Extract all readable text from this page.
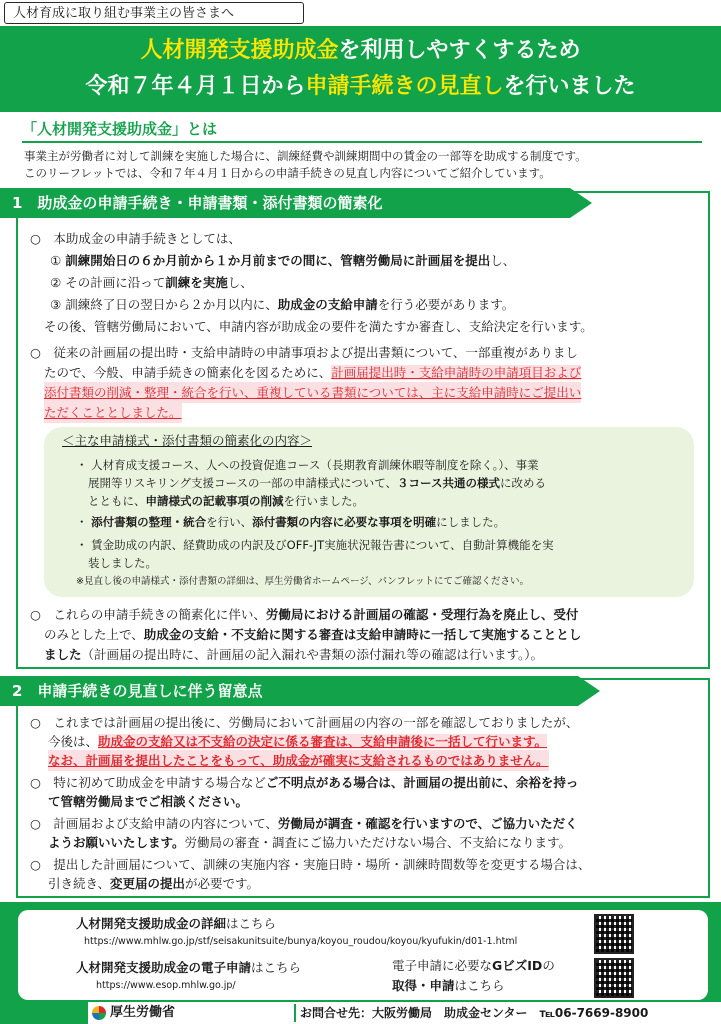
人材育成に取り組む事業主の皆さまへ
人材開発支援助成金を利用しやすくするため
令和７年４月１日から申請手続きの見直しを行いました
「人材開発支援助成金」とは
事業主が労働者に対して訓練を実施した場合に、訓練経費や訓練期間中の賃金の一部等を助成する制度です。
このリーフレットでは、令和７年４月１日からの申請手続きの見直し内容についてご紹介しています。
1　助成金の申請手続き・申請書類・添付書類の簡素化
○　本助成金の申請手続きとしては、
① 訓練開始日の６か月前から１か月前までの間に、管轄労働局に計画届を提出し、
② その計画に沿って訓練を実施し、
③ 訓練終了日の翌日から２か月以内に、助成金の支給申請を行う必要があります。
その後、管轄労働局において、申請内容が助成金の要件を満たすか審査し、支給決定を行います。
○　従来の計画届の提出時・支給申請時の申請事項および提出書類について、一部重複がありまし
たので、今般、申請手続きの簡素化を図るために、計画届提出時・支給申請時の申請項目および
添付書類の削減・整理・統合を行い、重複している書類については、主に支給申請時にご提出い
ただくこととしました。
＜主な申請様式・添付書類の簡素化の内容＞
・ 人材育成支援コース、人への投資促進コース（長期教育訓練休暇等制度を除く。）、事業
展開等リスキリング支援コースの一部の申請様式について、３コース共通の様式に改める
とともに、申請様式の記載事項の削減を行いました。
・ 添付書類の整理・統合を行い、添付書類の内容に必要な事項を明確にしました。
・ 賃金助成の内訳、経費助成の内訳及びOFF-JT実施状況報告書について、自動計算機能を実
装しました。
※見直し後の申請様式・添付書類の詳細は、厚生労働省ホームページ、パンフレットにてご確認ください。
○　これらの申請手続きの簡素化に伴い、労働局における計画届の確認・受理行為を廃止し、受付
のみとした上で、助成金の支給・不支給に関する審査は支給申請時に一括して実施することとし
ました（計画届の提出時に、計画届の記入漏れや書類の添付漏れ等の確認は行います。）。
2　申請手続きの見直しに伴う留意点
○　これまでは計画届の提出後に、労働局において計画届の内容の一部を確認しておりましたが、
今後は、助成金の支給又は不支給の決定に係る審査は、支給申請後に一括して行います。
なお、計画届を提出したことをもって、助成金が確実に支給されるものではありません。
○　特に初めて助成金を申請する場合などご不明点がある場合は、計画届の提出前に、余裕を持っ
て管轄労働局までご相談ください。
○　計画届および支給申請の内容について、労働局が調査・確認を行いますので、ご協力いただく
ようお願いいたします。労働局の審査・調査にご協力いただけない場合、不支給になります。
○　提出した計画届について、訓練の実施内容・実施日時・場所・訓練時間数等を変更する場合は、
引き続き、変更届の提出が必要です。
人材開発支援助成金の詳細はこちら
https://www.mhlw.go.jp/stf/seisakunitsuite/bunya/koyou_roudou/koyou/kyufukin/d01-1.html
人材開発支援助成金の電子申請はこちら
https://www.esop.mhlw.go.jp/
電子申請に必要なGビズIDの
取得・申請はこちら
厚生労働省	お問合せ先：大阪労働局　助成金センター　℡06-7669-8900
